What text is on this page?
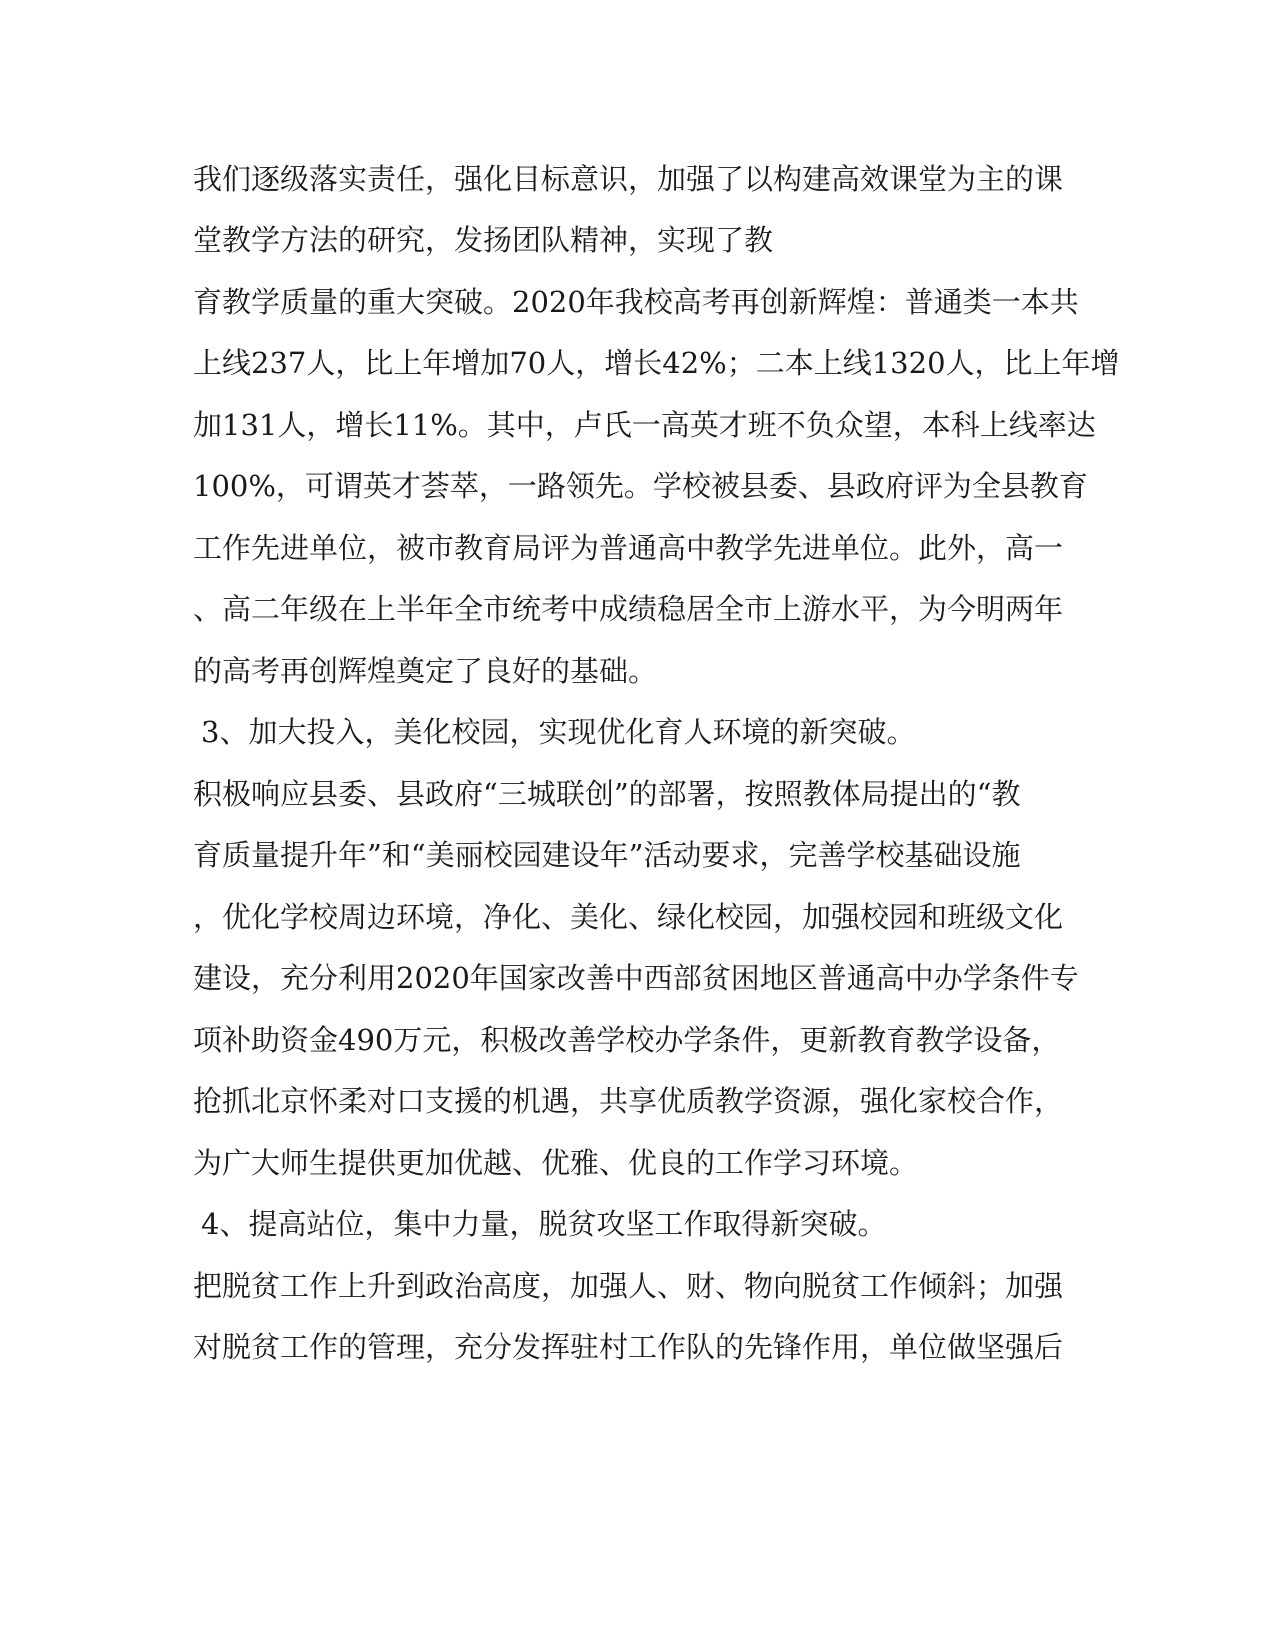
我们逐级落实责任，强化目标意识，加强了以构建高效课堂为主的课
堂教学方法的研究，发扬团队精神，实现了教
育教学质量的重大突破。2020年我校高考再创新辉煌：普通类一本共
上线237人，比上年增加70人，增长42%；二本上线1320人，比上年增
加131人，增长11%。其中，卢氏一高英才班不负众望，本科上线率达
100%，可谓英才荟萃，一路领先。学校被县委、县政府评为全县教育
工作先进单位，被市教育局评为普通高中教学先进单位。此外，高一
、高二年级在上半年全市统考中成绩稳居全市上游水平，为今明两年
的高考再创辉煌奠定了良好的基础。
3、加大投入，美化校园，实现优化育人环境的新突破。
积极响应县委、县政府“三城联创”的部署，按照教体局提出的“教
育质量提升年”和“美丽校园建设年”活动要求，完善学校基础设施
，优化学校周边环境，净化、美化、绿化校园，加强校园和班级文化
建设，充分利用2020年国家改善中西部贫困地区普通高中办学条件专
项补助资金490万元，积极改善学校办学条件，更新教育教学设备，
抢抓北京怀柔对口支援的机遇，共享优质教学资源，强化家校合作，
为广大师生提供更加优越、优雅、优良的工作学习环境。
4、提高站位，集中力量，脱贫攻坚工作取得新突破。
把脱贫工作上升到政治高度，加强人、财、物向脱贫工作倾斜；加强
对脱贫工作的管理，充分发挥驻村工作队的先锋作用，单位做坚强后
